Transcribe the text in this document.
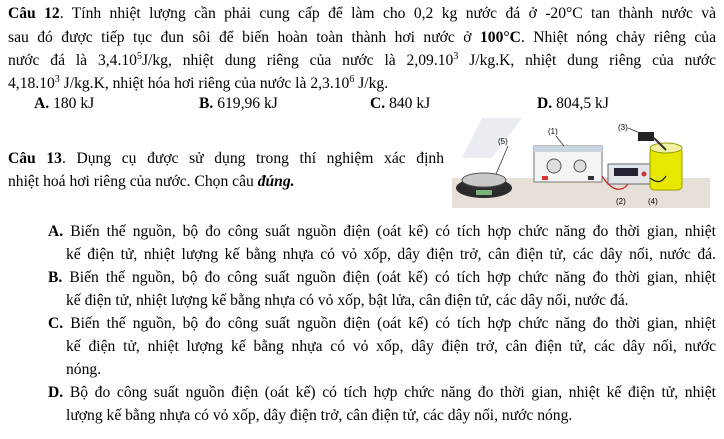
Câu 12. Tính nhiệt lượng cần phải cung cấp để làm cho 0,2 kg nước đá ở -20°C tan thành nước và
sau đó được tiếp tục đun sôi để biến hoàn toàn thành hơi nước ở 100°C. Nhiệt nóng chảy riêng của
nước đá là 3,4.10$^5$J/kg, nhiệt dung riêng của nước là 2,09.10$^3$ J/kg.K, nhiệt dung riêng của nước
4,18.10$^3$ J/kg.K, nhiệt hóa hơi riêng của nước là 2,3.10$^6$ J/kg.
A. 180 kJ	B. 619,96 kJ	C. 840 kJ	D. 804,5 kJ
Câu 13. Dụng cụ được sử dụng trong thí nghiệm xác định
nhiệt hoá hơi riêng của nước. Chọn câu đúng.
(5)
(1)	(3)
(2)	(4)
A. Biến thế nguồn, bộ đo công suất nguồn điện (oát kế) có tích hợp chức năng đo thời gian, nhiệt
kế điện tử, nhiệt lượng kế bằng nhựa có vỏ xốp, dây điện trở, cân điện tử, các dây nối, nước đá.
B. Biến thế nguồn, bộ đo công suất nguồn điện (oát kế) có tích hợp chức năng đo thời gian, nhiệt
kế điện tử, nhiệt lượng kế bằng nhựa có vỏ xốp, bật lửa, cân điện tử, các dây nối, nước đá.
C. Biến thế nguồn, bộ đo công suất nguồn điện (oát kế) có tích hợp chức năng đo thời gian, nhiệt
kế điện tử, nhiệt lượng kế bằng nhựa có vỏ xốp, dây điện trở, cân điện tử, các dây nối, nước
nóng.
D. Bộ đo công suất nguồn điện (oát kế) có tích hợp chức năng đo thời gian, nhiệt kế điện tử, nhiệt
lượng kế bằng nhựa có vỏ xốp, dây điện trở, cân điện tử, các dây nối, nước nóng.
